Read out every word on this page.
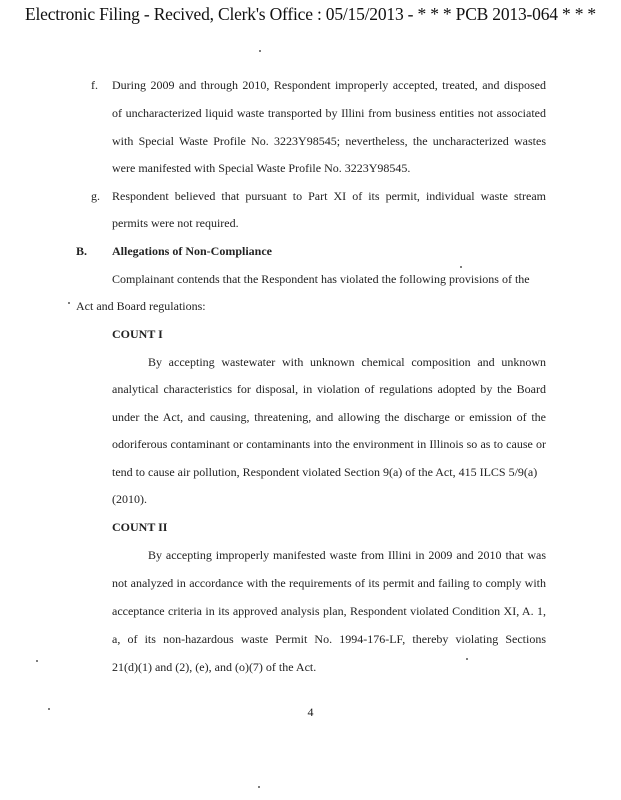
Electronic Filing - Recived, Clerk's Office : 05/15/2013 - * * * PCB 2013-064 * * *
f. During 2009 and through 2010, Respondent improperly accepted, treated, and disposed
of uncharacterized liquid waste transported by Illini from business entities not associated
with Special Waste Profile No. 3223Y98545; nevertheless, the uncharacterized wastes
were manifested with Special Waste Profile No. 3223Y98545.
g. Respondent believed that pursuant to Part XI of its permit, individual waste stream
permits were not required.
B. Allegations of Non-Compliance
Complainant contends that the Respondent has violated the following provisions of the
Act and Board regulations:
COUNT I
By accepting wastewater with unknown chemical composition and unknown
analytical characteristics for disposal, in violation of regulations adopted by the Board
under the Act, and causing, threatening, and allowing the discharge or emission of the
odoriferous contaminant or contaminants into the environment in Illinois so as to cause or
tend to cause air pollution, Respondent violated Section 9(a) of the Act, 415 ILCS 5/9(a)
(2010).
COUNT II
By accepting improperly manifested waste from Illini in 2009 and 2010 that was
not analyzed in accordance with the requirements of its permit and failing to comply with
acceptance criteria in its approved analysis plan, Respondent violated Condition XI, A. 1,
a, of its non-hazardous waste Permit No. 1994-176-LF, thereby violating Sections
21(d)(1) and (2), (e), and (o)(7) of the Act.
4
